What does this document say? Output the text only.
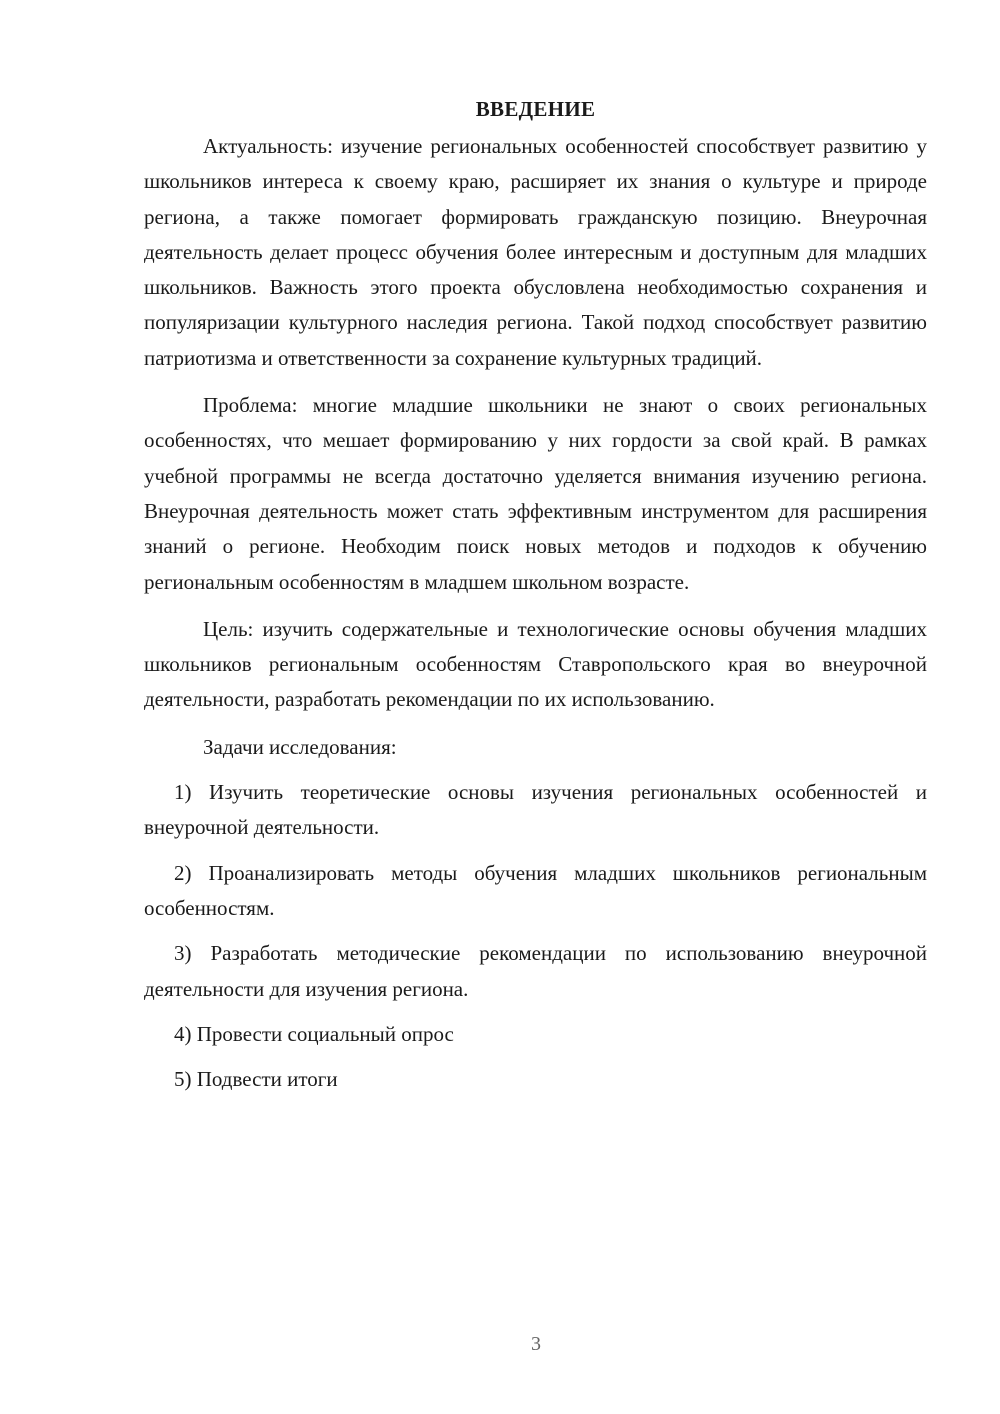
ВВЕДЕНИЕ

Актуальность: изучение региональных особенностей способствует развитию у школьников интереса к своему краю, расширяет их знания о культуре и природе региона, а также помогает формировать гражданскую позицию. Внеурочная деятельность делает процесс обучения более интересным и доступным для младших школьников. Важность этого проекта обусловлена необходимостью сохранения и популяризации культурного наследия региона. Такой подход способствует развитию патриотизма и ответственности за сохранение культурных традиций.

Проблема: многие младшие школьники не знают о своих региональных особенностях, что мешает формированию у них гордости за свой край. В рамках учебной программы не всегда достаточно уделяется внимания изучению региона. Внеурочная деятельность может стать эффективным инструментом для расширения знаний о регионе. Необходим поиск новых методов и подходов к обучению региональным особенностям в младшем школьном возрасте.

Цель: изучить содержательные и технологические основы обучения младших школьников региональным особенностям Ставропольского края во внеурочной деятельности, разработать рекомендации по их использованию.

Задачи исследования:

1) Изучить теоретические основы изучения региональных особенностей и внеурочной деятельности.

2) Проанализировать методы обучения младших школьников региональным особенностям.

3) Разработать методические рекомендации по использованию внеурочной деятельности для изучения региона.

4) Провести социальный опрос

5) Подвести итоги

3
